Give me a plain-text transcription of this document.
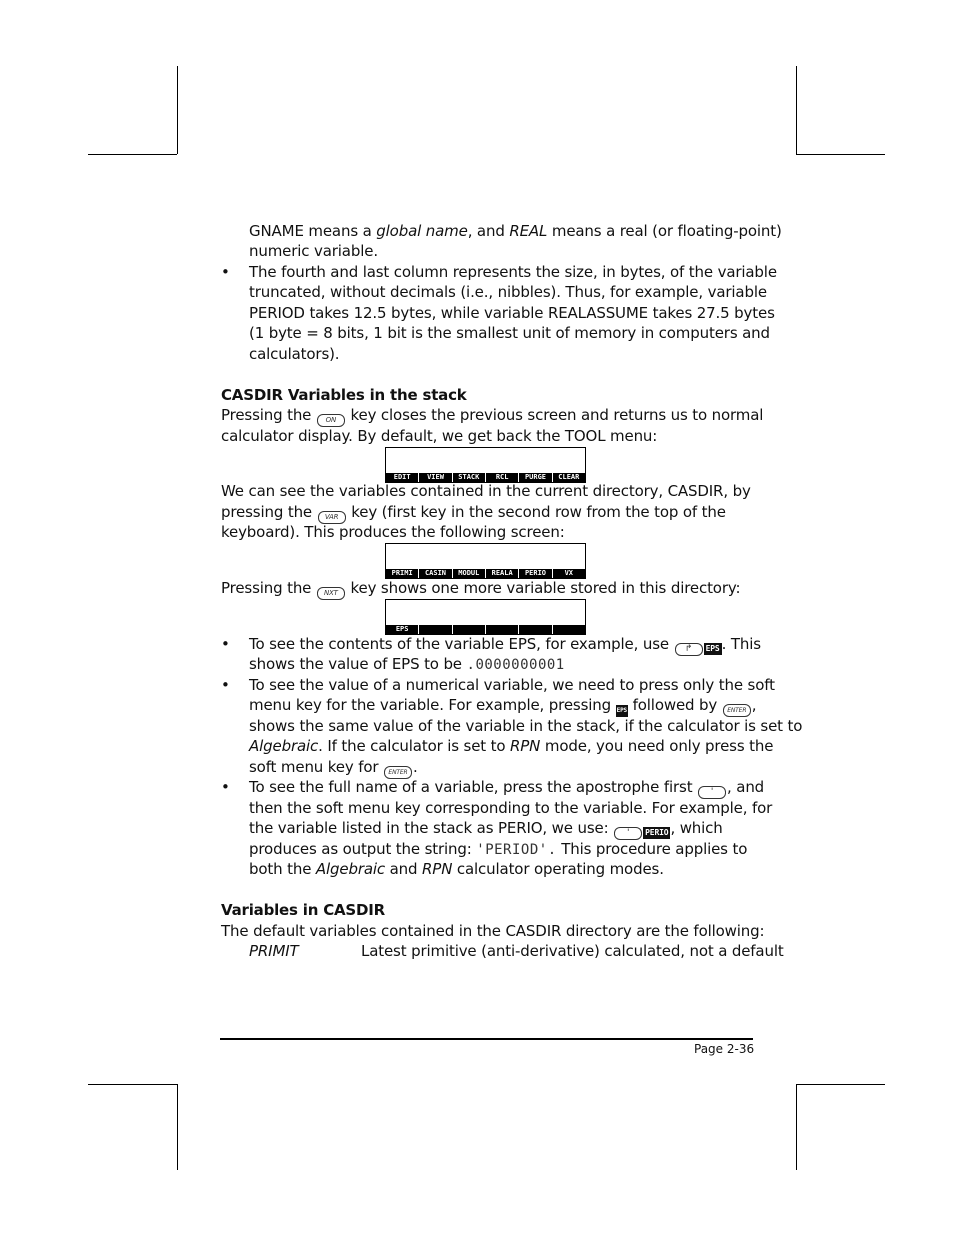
GNAME means a global name, and REAL means a real (or floating-point)
numeric variable.
• The fourth and last column represents the size, in bytes, of the variable
truncated, without decimals (i.e., nibbles). Thus, for example, variable
PERIOD takes 12.5 bytes, while variable REALASSUME takes 27.5 bytes
(1 byte = 8 bits, 1 bit is the smallest unit of memory in computers and
calculators).
CASDIR Variables in the stack
Pressing the ON key closes the previous screen and returns us to normal
calculator display. By default, we get back the TOOL menu:
EDIT	VIEW	STACK	RCL	PURGE	CLEAR
We can see the variables contained in the current directory, CASDIR, by
pressing the VAR key (first key in the second row from the top of the
keyboard). This produces the following screen:
PRIMI	CASIN	MODUL	REALA	PERIO	VX
Pressing the NXT key shows one more variable stored in this directory:
EPS
• To see the contents of the variable EPS, for example, use ↱ EPS . This
shows the value of EPS to be .0000000001
• To see the value of a numerical variable, we need to press only the soft
menu key for the variable. For example, pressing EPS followed by ENTER ,
shows the same value of the variable in the stack, if the calculator is set to
Algebraic. If the calculator is set to RPN mode, you need only press the
soft menu key for ENTER .
• To see the full name of a variable, press the apostrophe first ' , and
then the soft menu key corresponding to the variable. For example, for
the variable listed in the stack as PERIO, we use: ' PERIO , which
produces as output the string: 'PERIOD'. This procedure applies to
both the Algebraic and RPN calculator operating modes.
Variables in CASDIR
The default variables contained in the CASDIR directory are the following:
PRIMIT	Latest primitive (anti-derivative) calculated, not a default
Page 2-36
